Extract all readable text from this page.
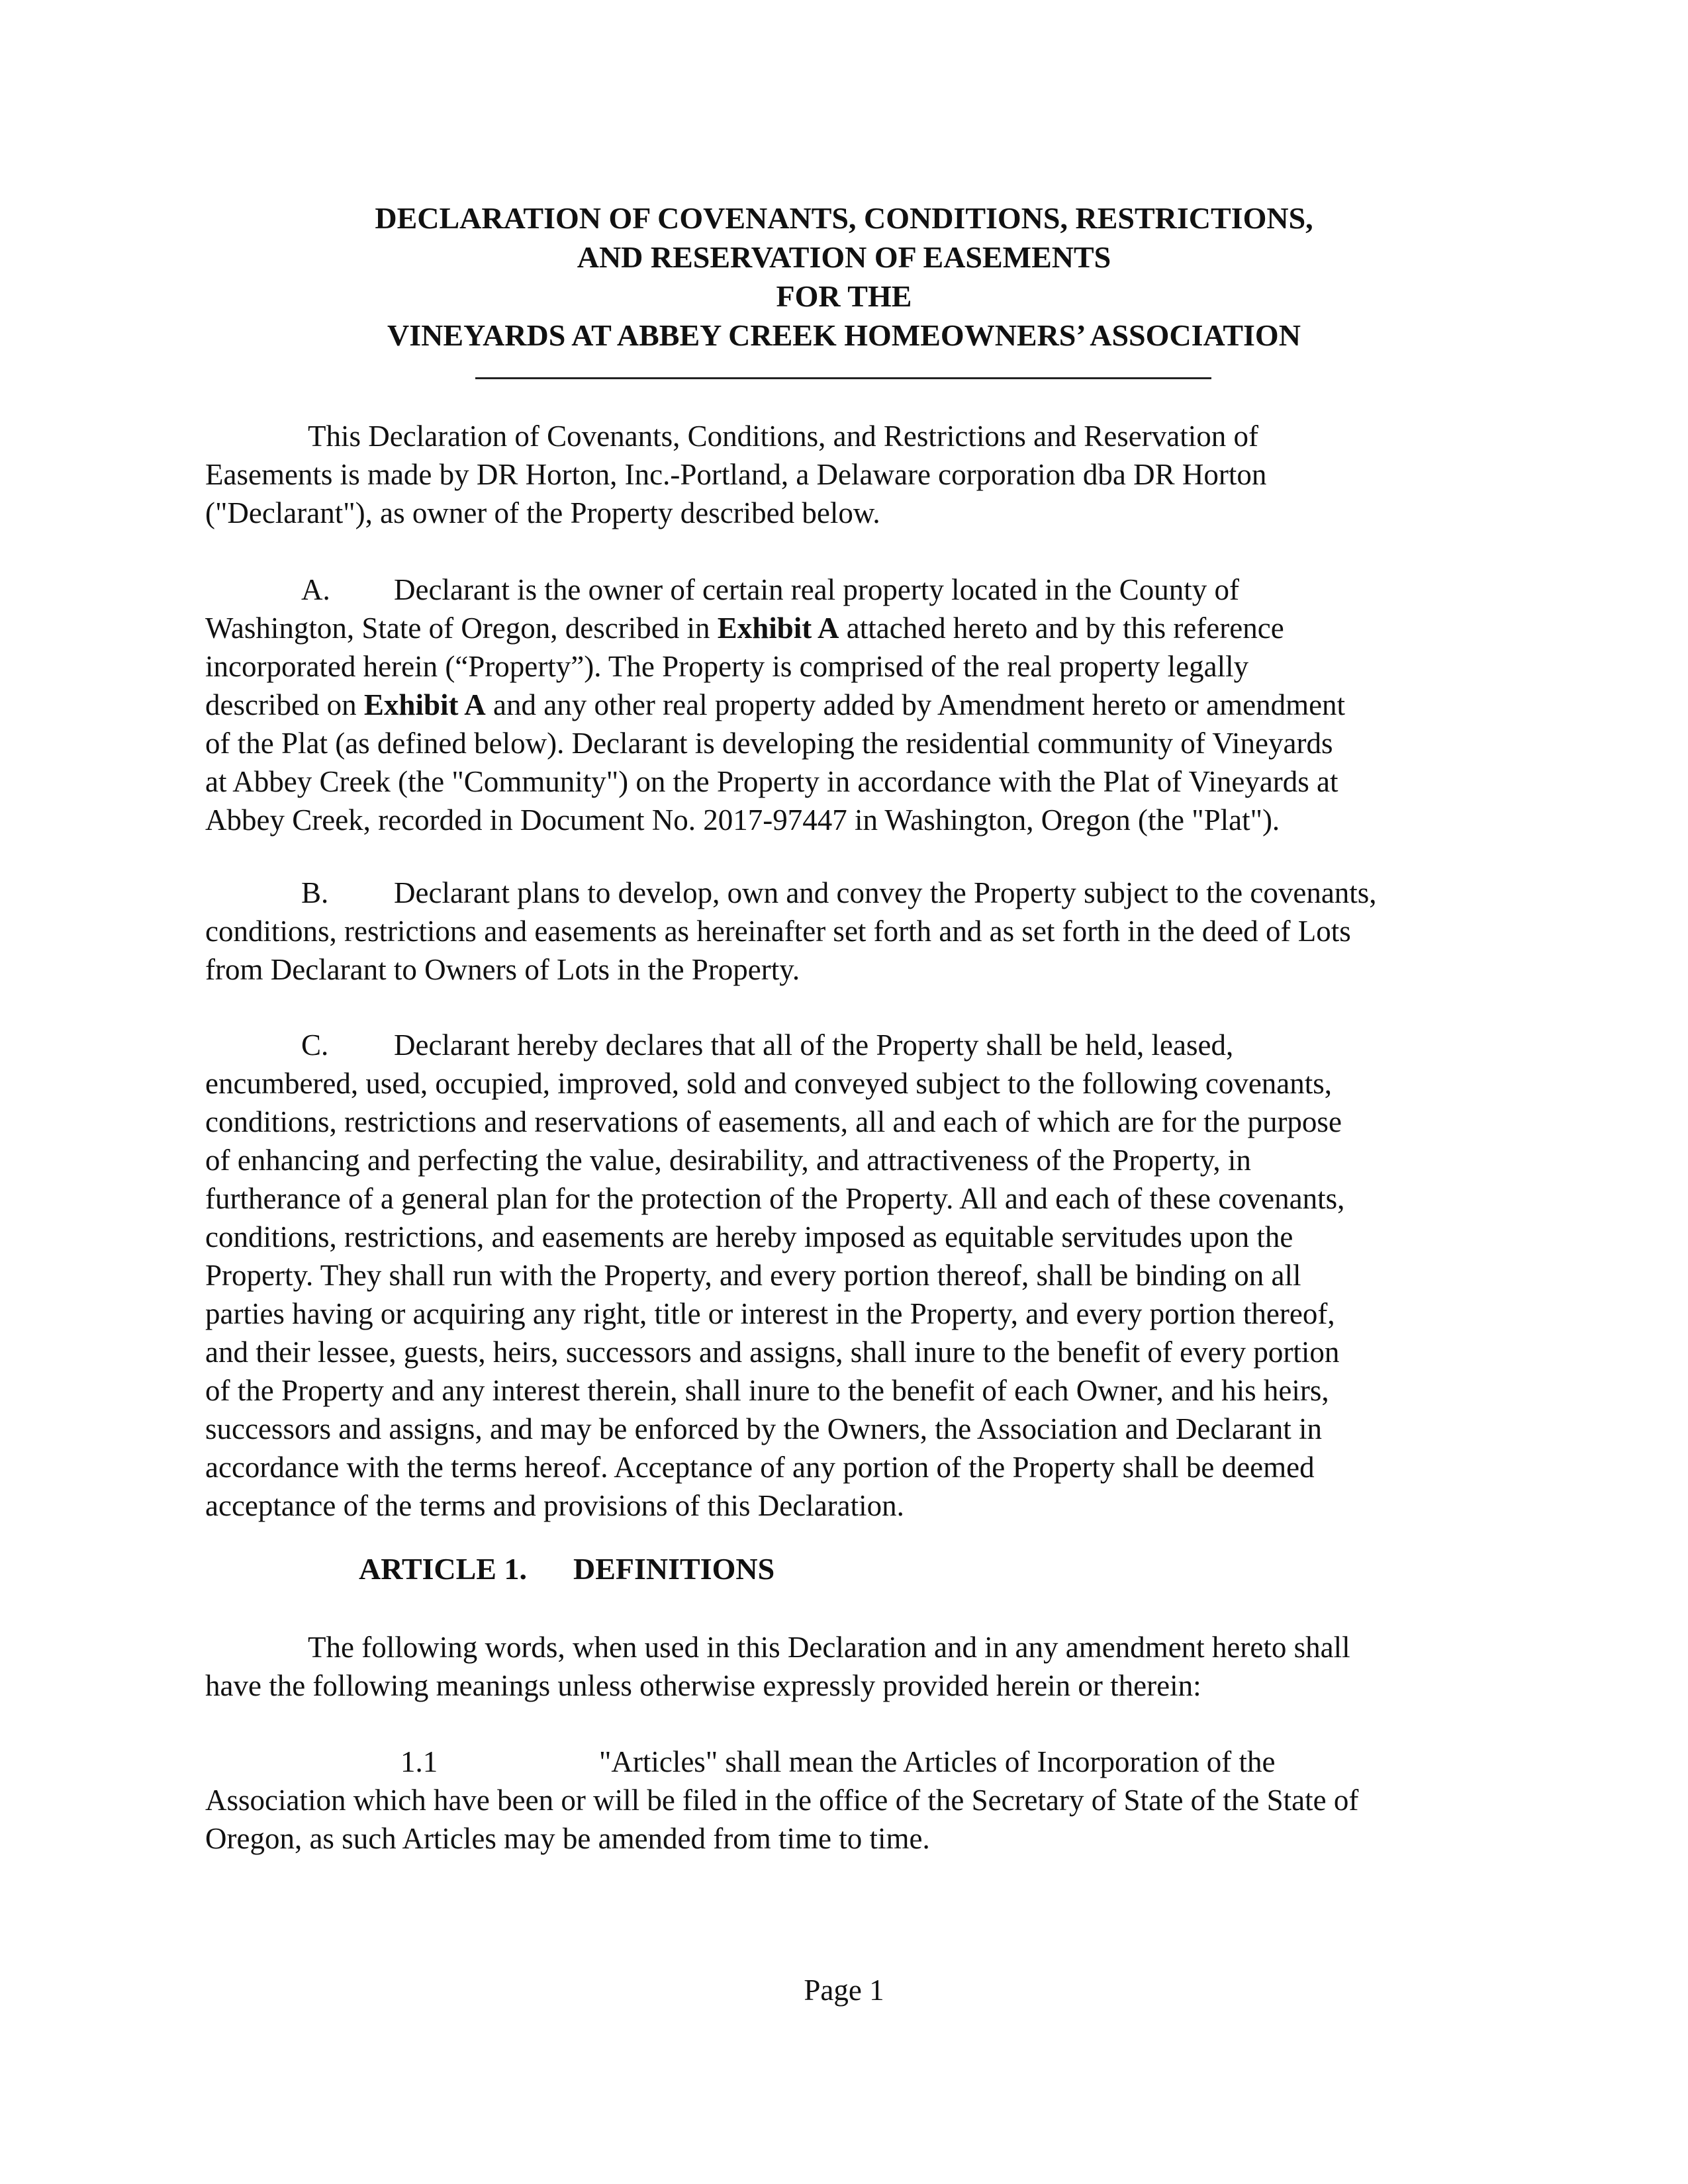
DECLARATION OF COVENANTS, CONDITIONS, RESTRICTIONS,
AND RESERVATION OF EASEMENTS
FOR THE
VINEYARDS AT ABBEY CREEK HOMEOWNERS’ ASSOCIATION
This Declaration of Covenants, Conditions, and Restrictions and Reservation of
Easements is made by DR Horton, Inc.-Portland, a Delaware corporation dba DR Horton
("Declarant"), as owner of the Property described below.
A. Declarant is the owner of certain real property located in the County of
Washington, State of Oregon, described in Exhibit A attached hereto and by this reference
incorporated herein (“Property”). The Property is comprised of the real property legally
described on Exhibit A and any other real property added by Amendment hereto or amendment
of the Plat (as defined below). Declarant is developing the residential community of Vineyards
at Abbey Creek (the "Community") on the Property in accordance with the Plat of Vineyards at
Abbey Creek, recorded in Document No. 2017-97447 in Washington, Oregon (the "Plat").
B. Declarant plans to develop, own and convey the Property subject to the covenants,
conditions, restrictions and easements as hereinafter set forth and as set forth in the deed of Lots
from Declarant to Owners of Lots in the Property.
C. Declarant hereby declares that all of the Property shall be held, leased,
encumbered, used, occupied, improved, sold and conveyed subject to the following covenants,
conditions, restrictions and reservations of easements, all and each of which are for the purpose
of enhancing and perfecting the value, desirability, and attractiveness of the Property, in
furtherance of a general plan for the protection of the Property. All and each of these covenants,
conditions, restrictions, and easements are hereby imposed as equitable servitudes upon the
Property. They shall run with the Property, and every portion thereof, shall be binding on all
parties having or acquiring any right, title or interest in the Property, and every portion thereof,
and their lessee, guests, heirs, successors and assigns, shall inure to the benefit of every portion
of the Property and any interest therein, shall inure to the benefit of each Owner, and his heirs,
successors and assigns, and may be enforced by the Owners, the Association and Declarant in
accordance with the terms hereof. Acceptance of any portion of the Property shall be deemed
acceptance of the terms and provisions of this Declaration.
ARTICLE 1. DEFINITIONS
The following words, when used in this Declaration and in any amendment hereto shall
have the following meanings unless otherwise expressly provided herein or therein:
1.1	"Articles" shall mean the Articles of Incorporation of the
Association which have been or will be filed in the office of the Secretary of State of the State of
Oregon, as such Articles may be amended from time to time.
Page 1
